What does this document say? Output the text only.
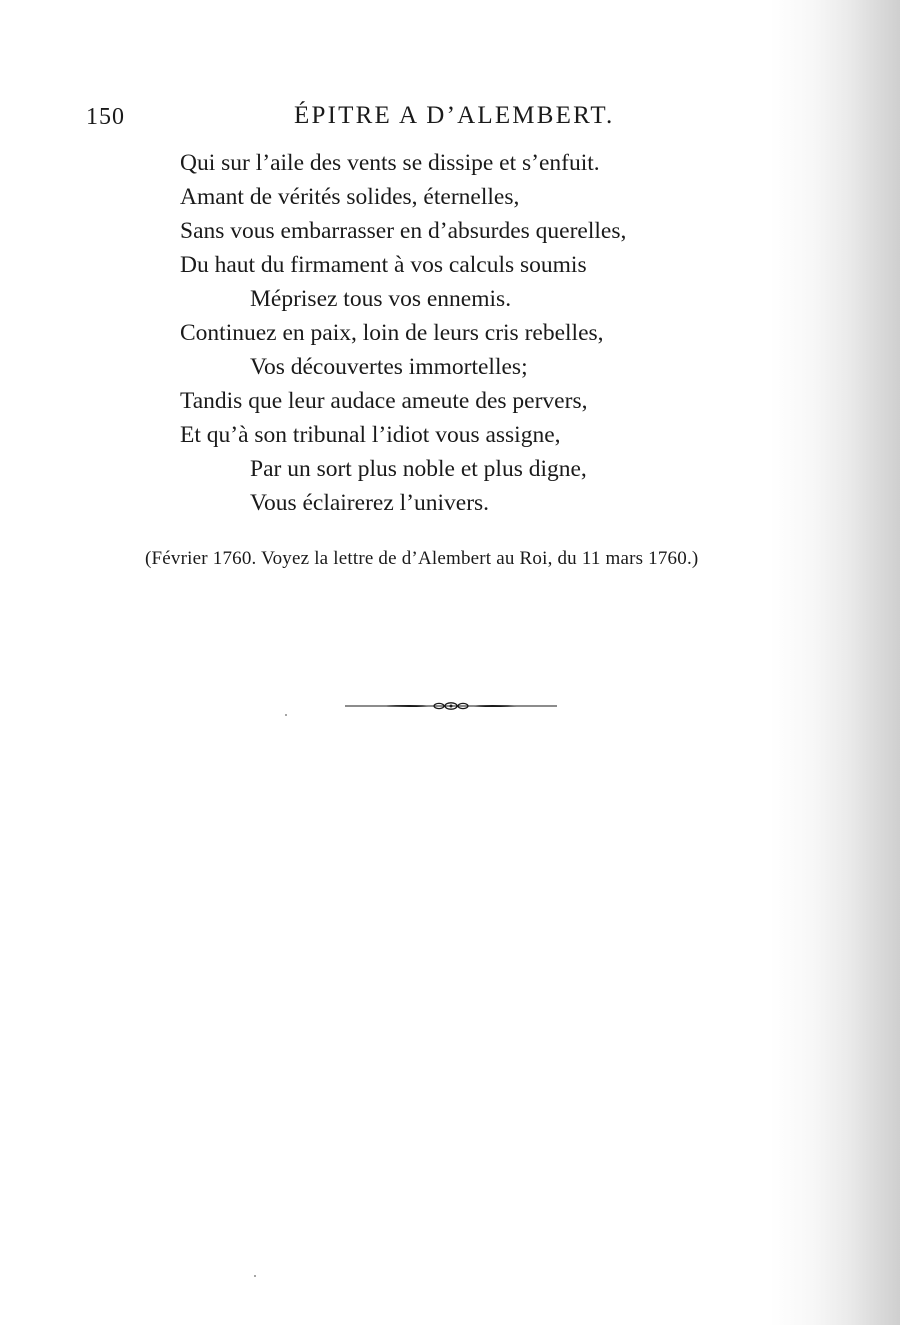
150	ÉPITRE A D’ALEMBERT.
Qui sur l’aile des vents se dissipe et s’enfuit.
Amant de vérités solides, éternelles,
Sans vous embarrasser en d’absurdes querelles,
Du haut du firmament à vos calculs soumis
Méprisez tous vos ennemis.
Continuez en paix, loin de leurs cris rebelles,
Vos découvertes immortelles;
Tandis que leur audace ameute des pervers,
Et qu’à son tribunal l’idiot vous assigne,
Par un sort plus noble et plus digne,
Vous éclairerez l’univers.
(Février 1760. Voyez la lettre de d’Alembert au Roi, du 11 mars 1760.)
